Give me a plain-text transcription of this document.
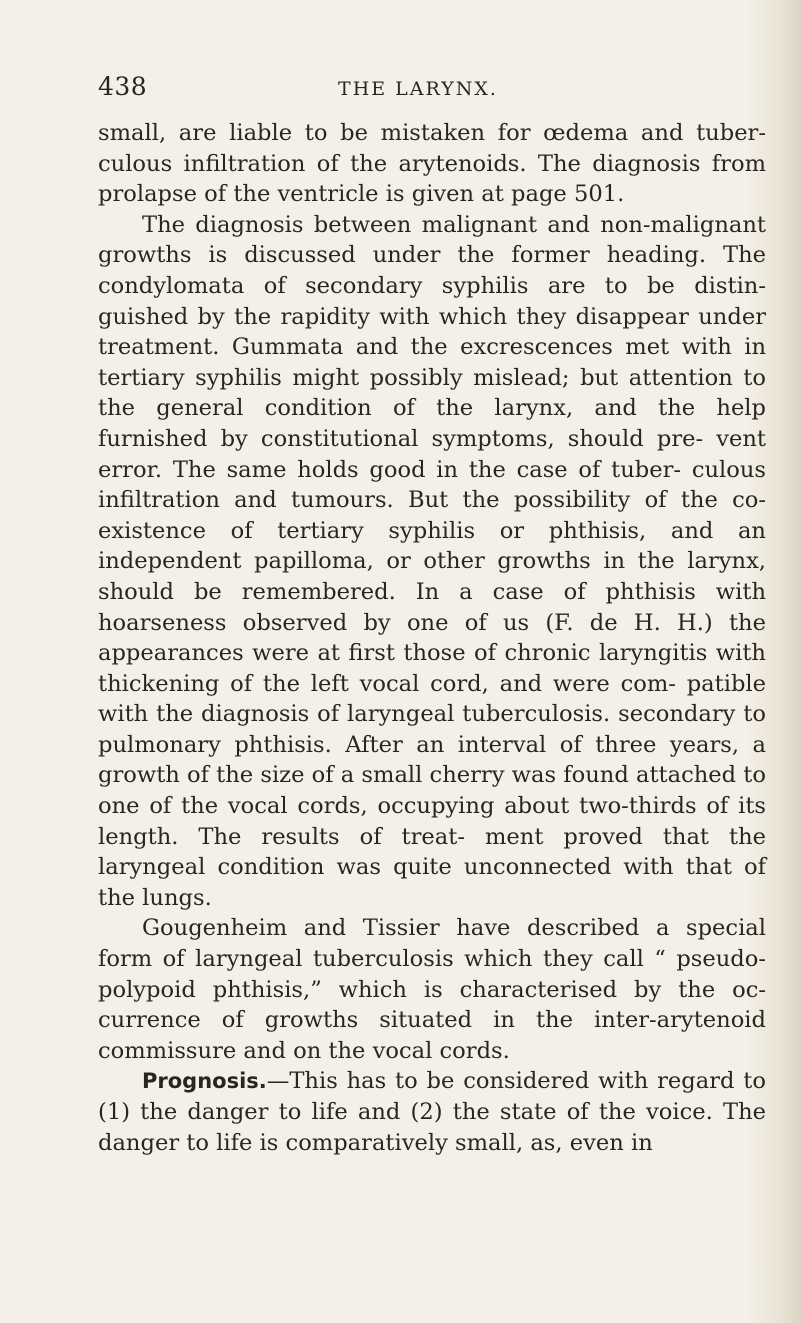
438	THE LARYNX.

small, are liable to be mistaken for œdema and tuber- culous infiltration of the arytenoids. The diagnosis from prolapse of the ventricle is given at page 501.

The diagnosis between malignant and non-malignant growths is discussed under the former heading. The condylomata of secondary syphilis are to be distin- guished by the rapidity with which they disappear under treatment. Gummata and the excrescences met with in tertiary syphilis might possibly mislead; but attention to the general condition of the larynx, and the help furnished by constitutional symptoms, should pre- vent error. The same holds good in the case of tuber- culous infiltration and tumours. But the possibility of the co-existence of tertiary syphilis or phthisis, and an independent papilloma, or other growths in the larynx, should be remembered. In a case of phthisis with hoarseness observed by one of us (F. de H. H.) the appearances were at first those of chronic laryngitis with thickening of the left vocal cord, and were com- patible with the diagnosis of laryngeal tuberculosis. secondary to pulmonary phthisis. After an interval of three years, a growth of the size of a small cherry was found attached to one of the vocal cords, occupying about two-thirds of its length. The results of treat- ment proved that the laryngeal condition was quite unconnected with that of the lungs.

Gougenheim and Tissier have described a special form of laryngeal tuberculosis which they call “ pseudo- polypoid phthisis,” which is characterised by the oc- currence of growths situated in the inter-arytenoid commissure and on the vocal cords.

Prognosis.—This has to be considered with regard to (1) the danger to life and (2) the state of the voice. The danger to life is comparatively small, as, even in
